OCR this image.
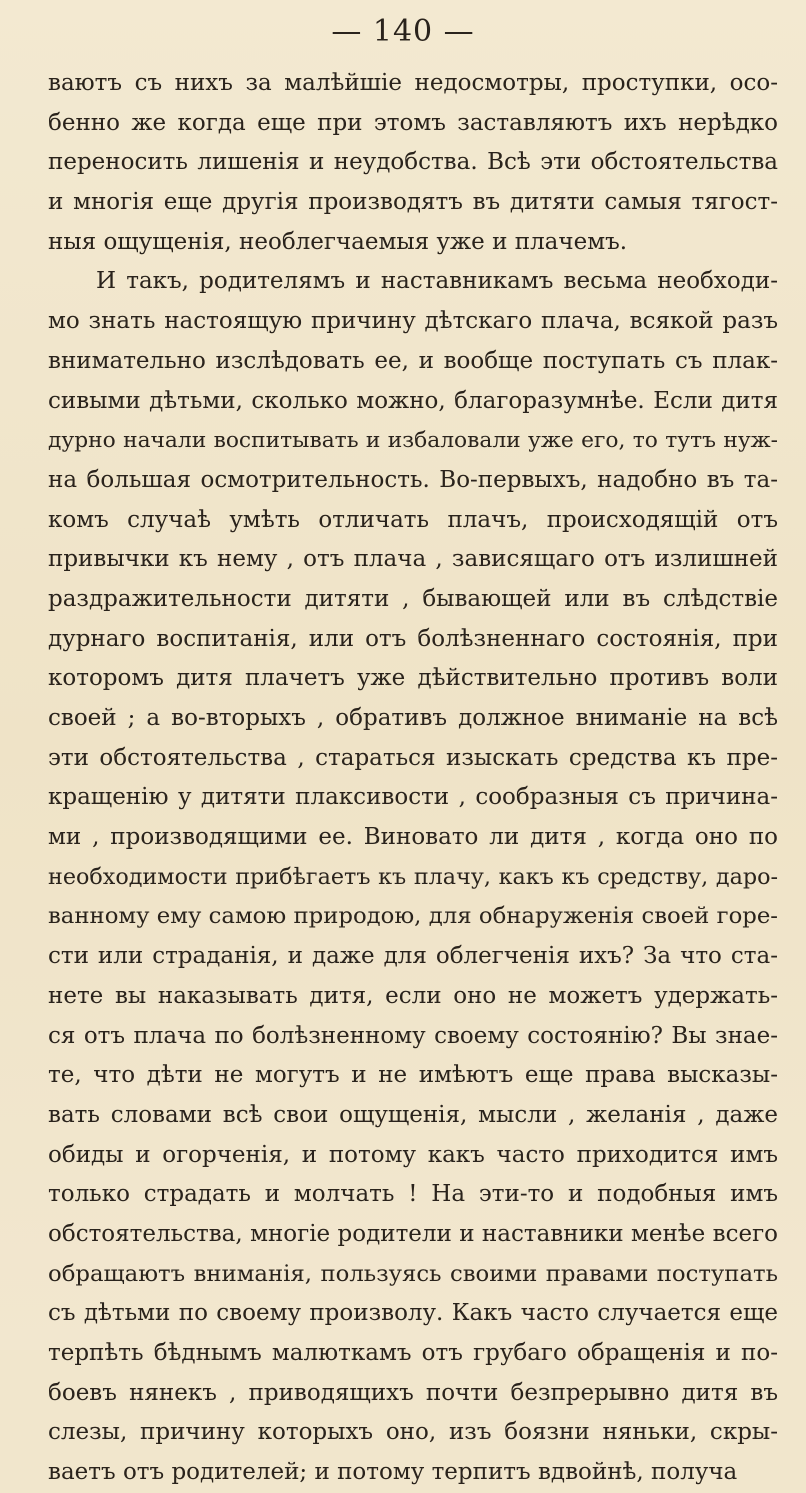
— 140 —
ваютъ съ нихъ за малѣйшіе недосмотры, проступки, осо-
бенно же когда еще при этомъ заставляютъ ихъ нерѣдко
переносить лишенія и неудобства. Всѣ эти обстоятельства
и многія еще другія производятъ въ дитяти самыя тягост-
ныя ощущенія, необлегчаемыя уже и плачемъ.
И такъ, родителямъ и наставникамъ весьма необходи-
мо знать настоящую причину дѣтскаго плача, всякой разъ
внимательно изслѣдовать ее, и вообще поступать съ плак-
сивыми дѣтьми, сколько можно, благоразумнѣе. Если дитя
дурно начали воспитывать и избаловали уже его, то тутъ нуж-
на большая осмотрительность. Во-первыхъ, надобно въ та-
комъ случаѣ умѣть отличать плачъ, происходящій отъ
привычки къ нему , отъ плача , зависящаго отъ излишней
раздражительности дитяти , бывающей или въ слѣдствіе
дурнаго воспитанія, или отъ болѣзненнаго состоянія, при
которомъ дитя плачетъ уже дѣйствительно противъ воли
своей ; а во-вторыхъ , обративъ должное вниманіе на всѣ
эти обстоятельства , стараться изыскать средства къ пре-
кращенію у дитяти плаксивости , сообразныя съ причина-
ми , производящими ее. Виновато ли дитя , когда оно по
необходимости прибѣгаетъ къ плачу, какъ къ средству, даро-
ванному ему самою природою, для обнаруженія своей горе-
сти или страданія, и даже для облегченія ихъ? За что ста-
нете вы наказывать дитя, если оно не можетъ удержать-
ся отъ плача по болѣзненному своему состоянію? Вы знае-
те, что дѣти не могутъ и не имѣютъ еще права высказы-
вать словами всѣ свои ощущенія, мысли , желанія , даже
обиды и огорченія, и потому какъ часто приходится имъ
только страдать и молчать ! На эти-то и подобныя имъ
обстоятельства, многіе родители и наставники менѣе всего
обращаютъ вниманія, пользуясь своими правами поступать
съ дѣтьми по своему произволу. Какъ часто случается еще
терпѣть бѣднымъ малюткамъ отъ грубаго обращенія и по-
боевъ нянекъ , приводящихъ почти безпрерывно дитя въ
слезы, причину которыхъ оно, изъ боязни няньки, скры-
ваетъ отъ родителей; и потому терпитъ вдвойнѣ, получа
